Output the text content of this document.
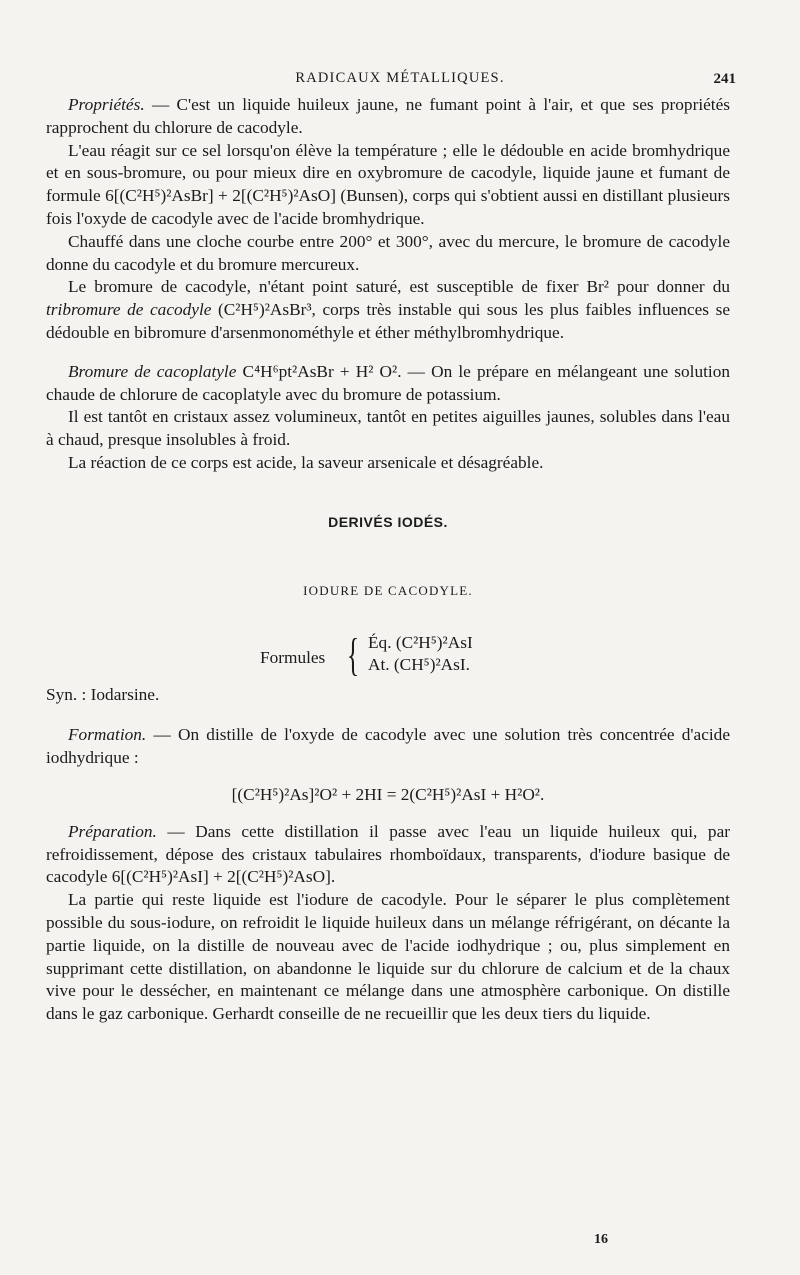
RADICAUX MÉTALLIQUES.	241

Propriétés. — C'est un liquide huileux jaune, ne fumant point à l'air, et que ses propriétés rapprochent du chlorure de cacodyle.

L'eau réagit sur ce sel lorsqu'on élève la température ; elle le dédouble en acide bromhydrique et en sous-bromure, ou pour mieux dire en oxybromure de cacodyle, liquide jaune et fumant de formule 6[(C²H⁵)²AsBr] + 2[(C²H⁵)²AsO] (Bunsen), corps qui s'obtient aussi en distillant plusieurs fois l'oxyde de cacodyle avec de l'acide bromhydrique.

Chauffé dans une cloche courbe entre 200° et 300°, avec du mercure, le bromure de cacodyle donne du cacodyle et du bromure mercureux.

Le bromure de cacodyle, n'étant point saturé, est susceptible de fixer Br² pour donner du tribromure de cacodyle (C²H⁵)²AsBr³, corps très instable qui sous les plus faibles influences se dédouble en bibromure d'arsenmonométhyle et éther méthylbromhydrique.

Bromure de cacoplatyle C⁴H⁶pt²AsBr + H² O². — On le prépare en mélangeant une solution chaude de chlorure de cacoplatyle avec du bromure de potassium.

Il est tantôt en cristaux assez volumineux, tantôt en petites aiguilles jaunes, solubles dans l'eau à chaud, presque insolubles à froid.

La réaction de ce corps est acide, la saveur arsenicale et désagréable.

DERIVÉS IODÉS.
IODURE DE CACODYLE.
Formules { Éq. (C²H⁵)²AsI
At. (CH⁵)²AsI.
Syn. : Iodarsine.

Formation. — On distille de l'oxyde de cacodyle avec une solution très concentrée d'acide iodhydrique :

[(C²H⁵)²As]²O² + 2HI = 2(C²H⁵)²AsI + H²O².

Préparation. — Dans cette distillation il passe avec l'eau un liquide huileux qui, par refroidissement, dépose des cristaux tabulaires rhomboïdaux, transparents, d'iodure basique de cacodyle 6[(C²H⁵)²AsI] + 2[(C²H⁵)²AsO].

La partie qui reste liquide est l'iodure de cacodyle. Pour le séparer le plus complètement possible du sous-iodure, on refroidit le liquide huileux dans un mélange réfrigérant, on décante la partie liquide, on la distille de nouveau avec de l'acide iodhydrique ; ou, plus simplement en supprimant cette distillation, on abandonne le liquide sur du chlorure de calcium et de la chaux vive pour le dessécher, en maintenant ce mélange dans une atmosphère carbonique. On distille dans le gaz carbonique. Gerhardt conseille de ne recueillir que les deux tiers du liquide.

16
